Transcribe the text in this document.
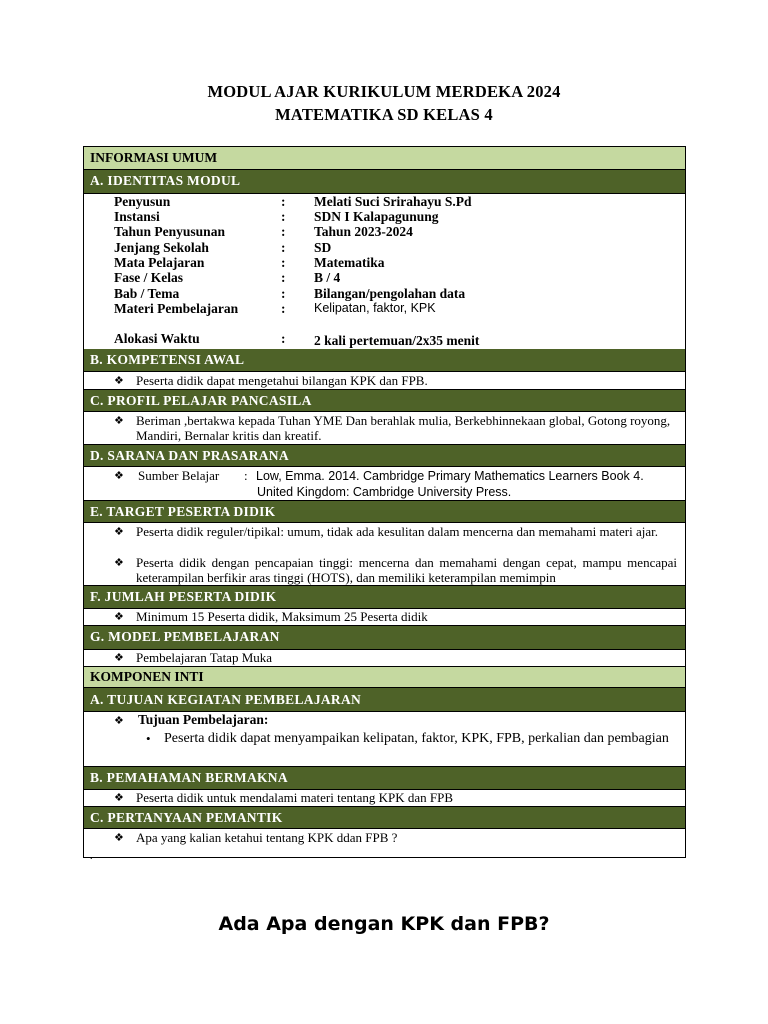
MODUL AJAR KURIKULUM MERDEKA 2024
MATEMATIKA SD KELAS 4
INFORMASI UMUM
A. IDENTITAS MODUL
Penyusun	: Melati Suci Srirahayu S.Pd
Instansi	: SDN I Kalapagunung
Tahun Penyusunan	: Tahun 2023-2024
Jenjang Sekolah	: SD
Mata Pelajaran	: Matematika
Fase / Kelas	: B / 4
Bab / Tema	: Bilangan/pengolahan data
Materi Pembelajaran	: Kelipatan, faktor, KPK
Alokasi Waktu	: 2 kali pertemuan/2x35 menit
B. KOMPETENSI AWAL
❖ Peserta didik dapat mengetahui bilangan KPK dan FPB.
C. PROFIL PELAJAR PANCASILA
❖ Beriman ,bertakwa kepada Tuhan YME Dan berahlak mulia, Berkebhinnekaan global, Gotong royong, Mandiri, Bernalar kritis dan kreatif.
D. SARANA DAN PRASARANA
❖ Sumber Belajar : Low, Emma. 2014. Cambridge Primary Mathematics Learners Book 4.
United Kingdom: Cambridge University Press.
E. TARGET PESERTA DIDIK
❖ Peserta didik reguler/tipikal: umum, tidak ada kesulitan dalam mencerna dan memahami materi ajar.
❖ Peserta didik dengan pencapaian tinggi: mencerna dan memahami dengan cepat, mampu mencapai keterampilan berfikir aras tinggi (HOTS), dan memiliki keterampilan memimpin
F. JUMLAH PESERTA DIDIK
❖ Minimum 15 Peserta didik, Maksimum 25 Peserta didik
G. MODEL PEMBELAJARAN
❖ Pembelajaran Tatap Muka
KOMPONEN INTI
A. TUJUAN KEGIATAN PEMBELAJARAN
❖ Tujuan Pembelajaran:
• Peserta didik dapat menyampaikan kelipatan, faktor, KPK, FPB, perkalian dan pembagian
B. PEMAHAMAN BERMAKNA
❖ Peserta didik untuk mendalami materi tentang KPK dan FPB
C. PERTANYAAN PEMANTIK
❖ Apa yang kalian ketahui tentang KPK ddan FPB ?
.
Ada Apa dengan KPK dan FPB?
